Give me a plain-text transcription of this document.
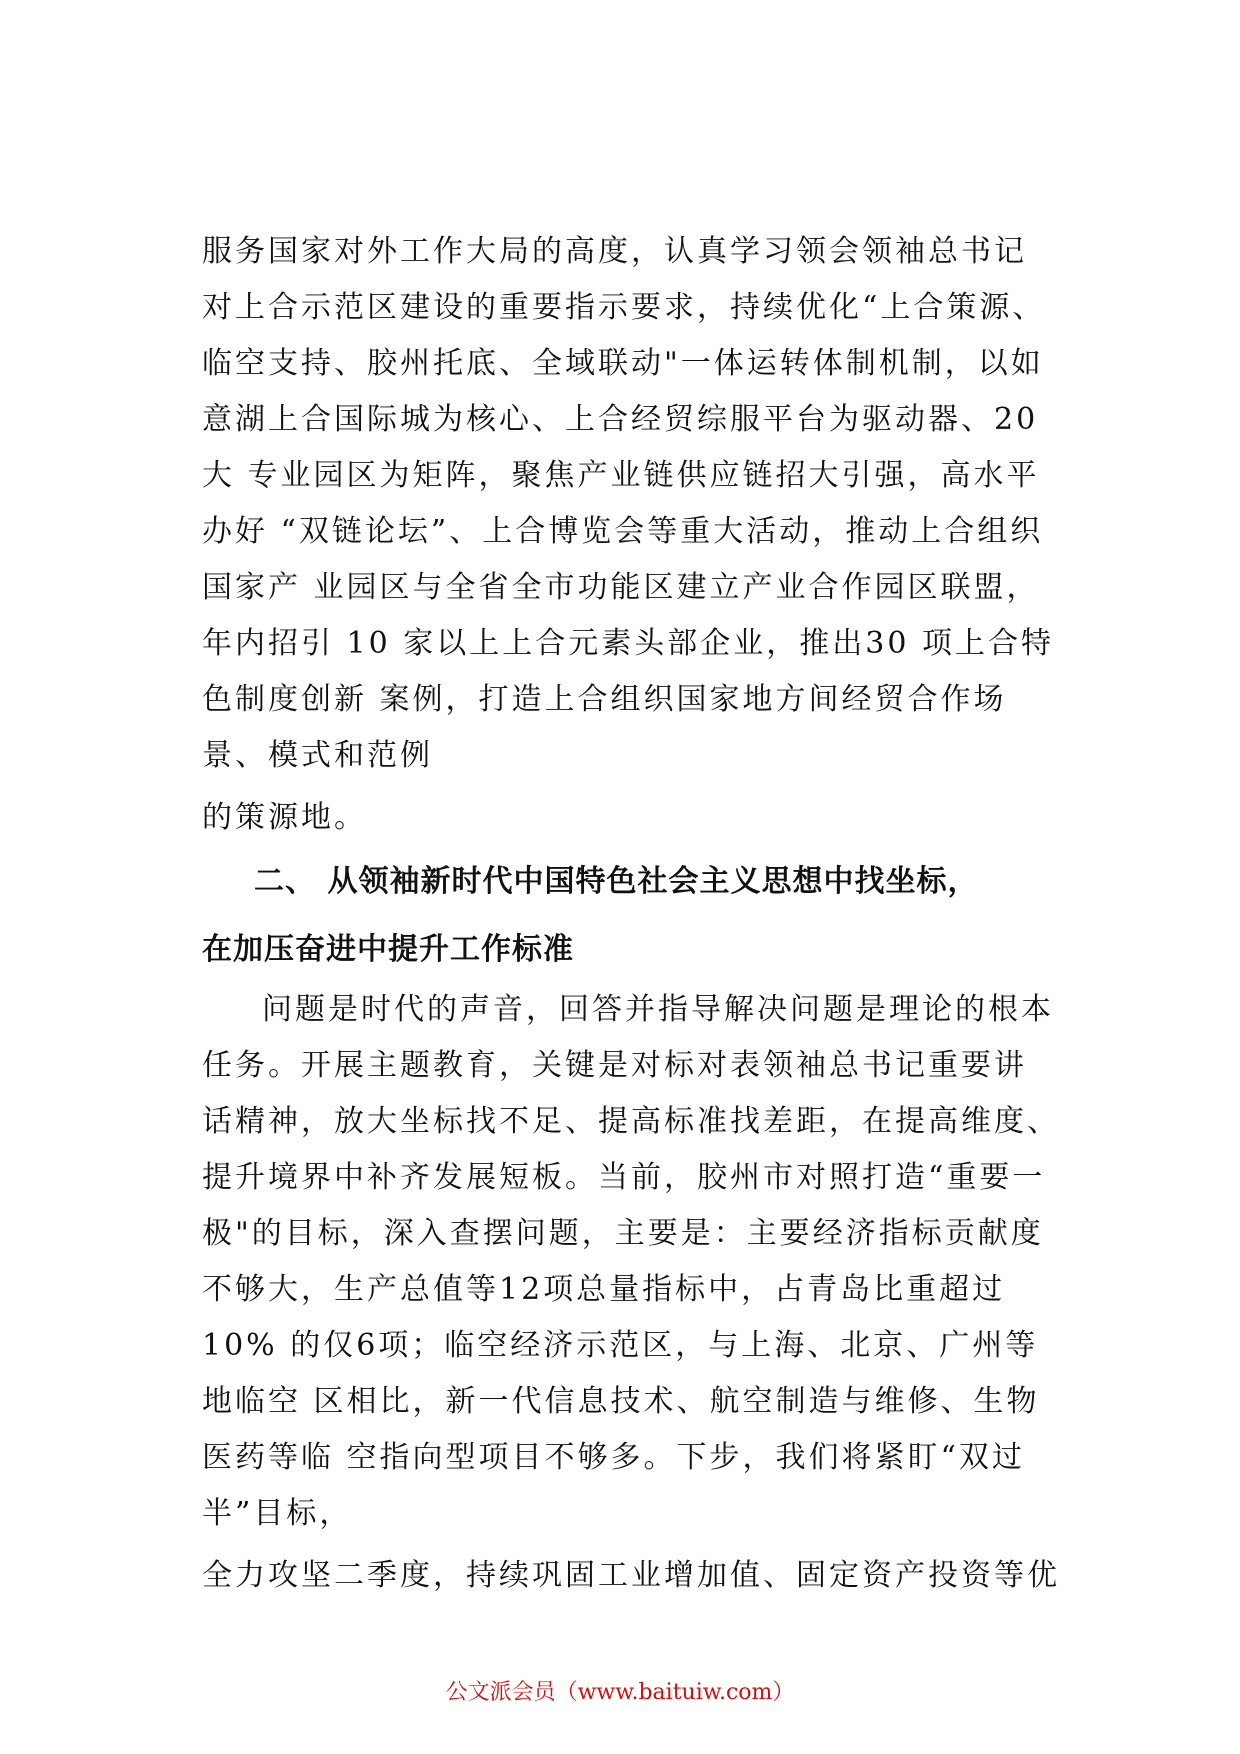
服务国家对外工作大局的高度，认真学习领会领袖总书记
对上合示范区建设的重要指示要求，持续优化“上合策源、
临空支持、胶州托底、全域联动"一体运转体制机制，以如
意湖上合国际城为核心、上合经贸综服平台为驱动器、20
大 专业园区为矩阵，聚焦产业链供应链招大引强，高水平
办好 “双链论坛”、上合博览会等重大活动，推动上合组织
国家产 业园区与全省全市功能区建立产业合作园区联盟，
年内招引 10 家以上上合元素头部企业，推出30 项上合特
色制度创新 案例，打造上合组织国家地方间经贸合作场
景、模式和范例
的策源地。
二、 从领袖新时代中国特色社会主义思想中找坐标，
在加压奋进中提升工作标准
问题是时代的声音，回答并指导解决问题是理论的根本
任务。开展主题教育，关键是对标对表领袖总书记重要讲
话精神，放大坐标找不足、提高标准找差距，在提高维度、
提升境界中补齐发展短板。当前，胶州市对照打造“重要一
极"的目标，深入查摆问题，主要是：主要经济指标贡献度
不够大，生产总值等12项总量指标中，占青岛比重超过
10% 的仅6项；临空经济示范区，与上海、北京、广州等
地临空 区相比，新一代信息技术、航空制造与维修、生物
医药等临 空指向型项目不够多。下步，我们将紧盯“双过
半”目标，
全力攻坚二季度，持续巩固工业增加值、固定资产投资等优
公文派会员（www.baituiw.com）
